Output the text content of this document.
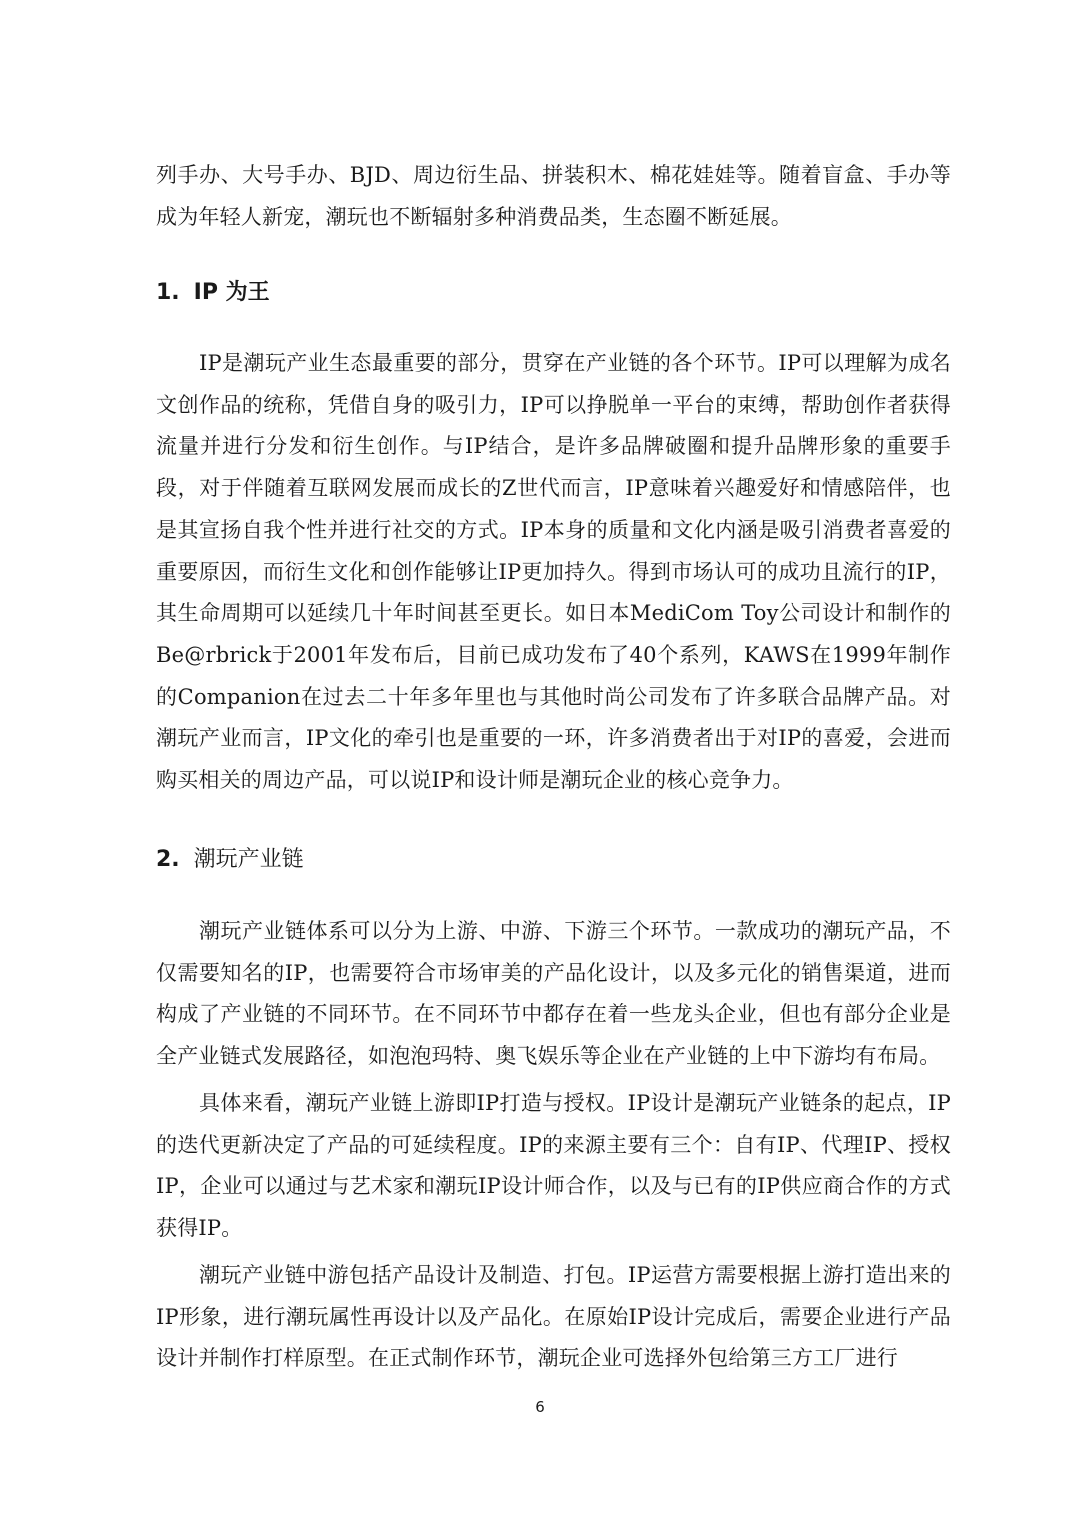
列手办、大号手办、BJD、周边衍生品、拼装积木、棉花娃娃等。随着盲盒、手办等成为年轻人新宠，潮玩也不断辐射多种消费品类，生态圈不断延展。

1. IP 为王

IP是潮玩产业生态最重要的部分，贯穿在产业链的各个环节。IP可以理解为成名文创作品的统称，凭借自身的吸引力，IP可以挣脱单一平台的束缚，帮助创作者获得流量并进行分发和衍生创作。与IP结合，是许多品牌破圈和提升品牌形象的重要手段，对于伴随着互联网发展而成长的Z世代而言，IP意味着兴趣爱好和情感陪伴，也是其宣扬自我个性并进行社交的方式。IP本身的质量和文化内涵是吸引消费者喜爱的重要原因，而衍生文化和创作能够让IP更加持久。得到市场认可的成功且流行的IP，其生命周期可以延续几十年时间甚至更长。如日本MediCom Toy公司设计和制作的Be@rbrick于2001年发布后，目前已成功发布了40个系列，KAWS在1999年制作的Companion在过去二十年多年里也与其他时尚公司发布了许多联合品牌产品。对潮玩产业而言，IP文化的牵引也是重要的一环，许多消费者出于对IP的喜爱，会进而购买相关的周边产品，可以说IP和设计师是潮玩企业的核心竞争力。

2. 潮玩产业链

潮玩产业链体系可以分为上游、中游、下游三个环节。一款成功的潮玩产品，不仅需要知名的IP，也需要符合市场审美的产品化设计，以及多元化的销售渠道，进而构成了产业链的不同环节。在不同环节中都存在着一些龙头企业，但也有部分企业是全产业链式发展路径，如泡泡玛特、奥飞娱乐等企业在产业链的上中下游均有布局。

具体来看，潮玩产业链上游即IP打造与授权。IP设计是潮玩产业链条的起点，IP的迭代更新决定了产品的可延续程度。IP的来源主要有三个：自有IP、代理IP、授权IP，企业可以通过与艺术家和潮玩IP设计师合作，以及与已有的IP供应商合作的方式获得IP。

潮玩产业链中游包括产品设计及制造、打包。IP运营方需要根据上游打造出来的IP形象，进行潮玩属性再设计以及产品化。在原始IP设计完成后，需要企业进行产品设计并制作打样原型。在正式制作环节，潮玩企业可选择外包给第三方工厂进行

6
